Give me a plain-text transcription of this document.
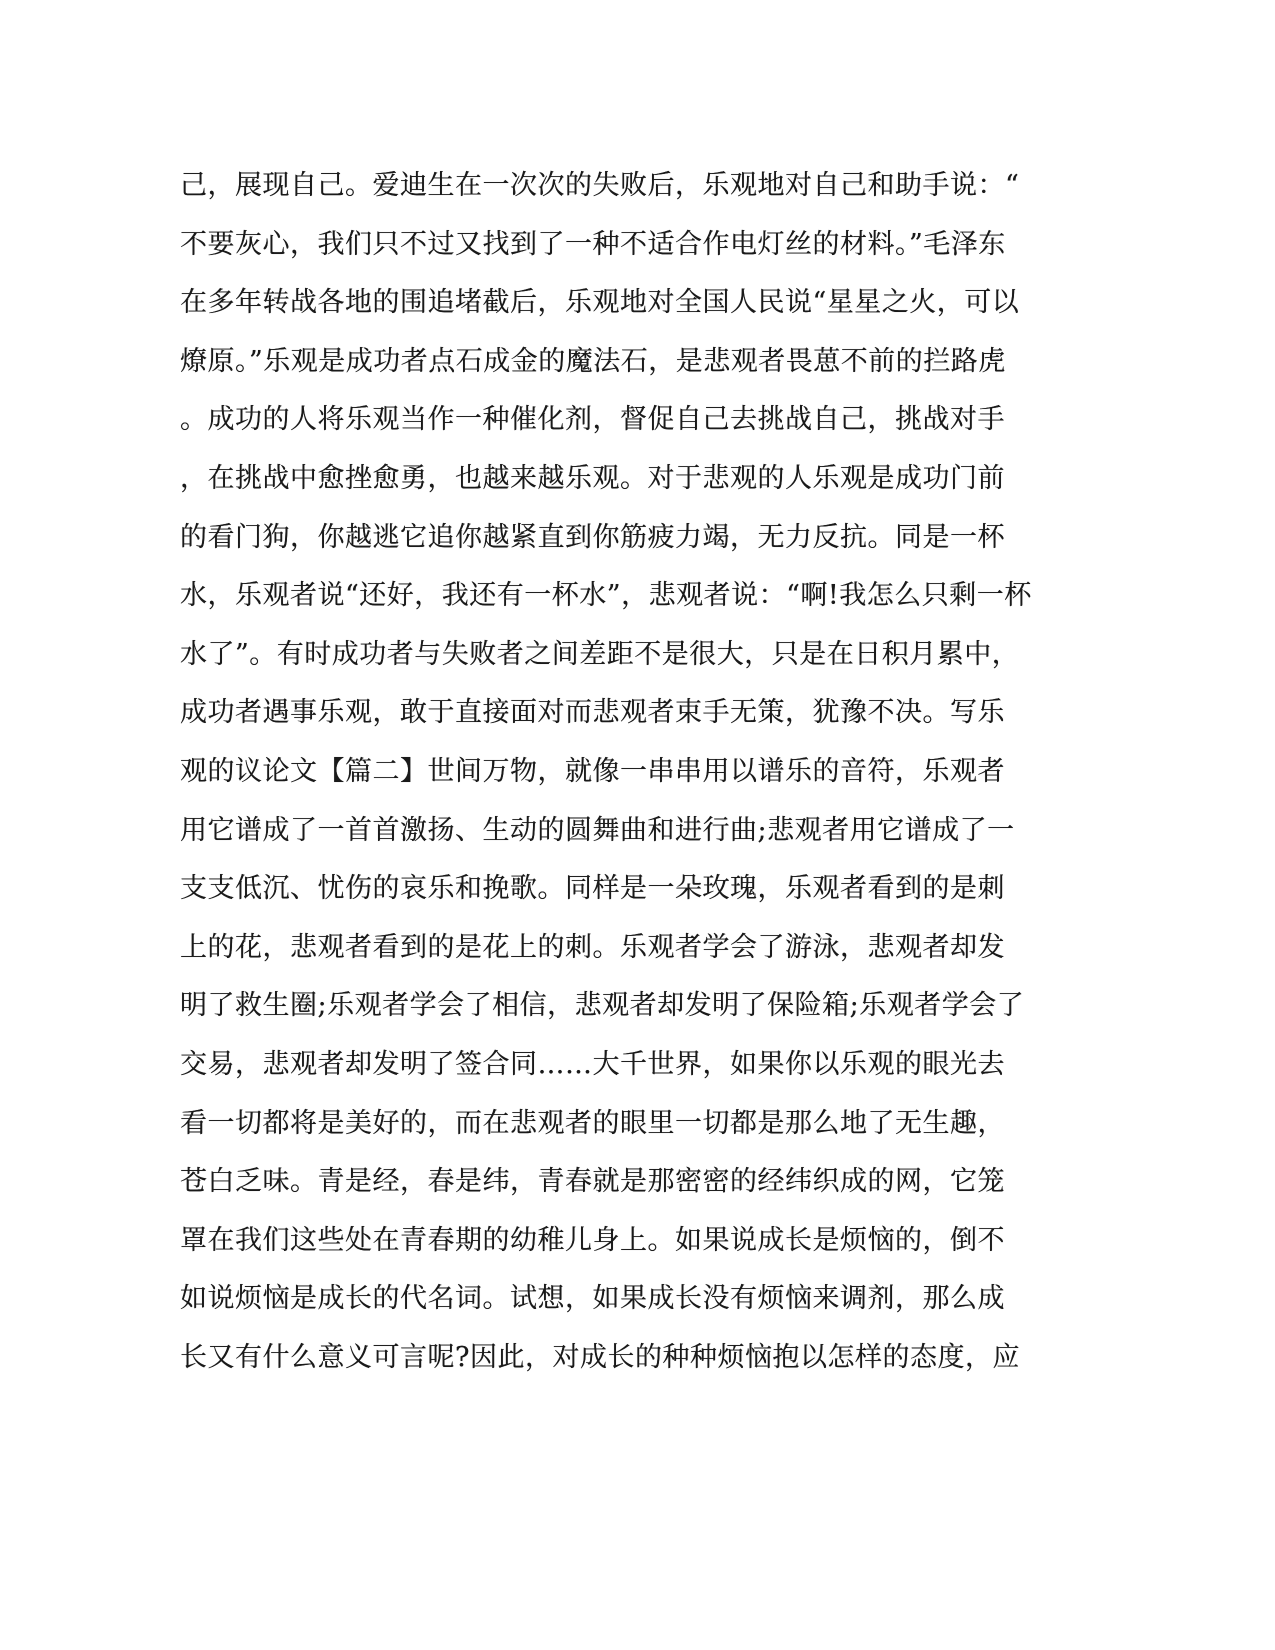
己，展现自己。爱迪生在一次次的失败后，乐观地对自己和助手说：“
不要灰心，我们只不过又找到了一种不适合作电灯丝的材料。”毛泽东
在多年转战各地的围追堵截后，乐观地对全国人民说“星星之火，可以
燎原。”乐观是成功者点石成金的魔法石，是悲观者畏葸不前的拦路虎
。成功的人将乐观当作一种催化剂，督促自己去挑战自己，挑战对手
，在挑战中愈挫愈勇，也越来越乐观。对于悲观的人乐观是成功门前
的看门狗，你越逃它追你越紧直到你筋疲力竭，无力反抗。同是一杯
水，乐观者说“还好，我还有一杯水”，悲观者说：“啊!我怎么只剩一杯
水了”。有时成功者与失败者之间差距不是很大，只是在日积月累中，
成功者遇事乐观，敢于直接面对而悲观者束手无策，犹豫不决。写乐
观的议论文【篇二】世间万物，就像一串串用以谱乐的音符，乐观者
用它谱成了一首首激扬、生动的圆舞曲和进行曲;悲观者用它谱成了一
支支低沉、忧伤的哀乐和挽歌。同样是一朵玫瑰，乐观者看到的是刺
上的花，悲观者看到的是花上的刺。乐观者学会了游泳，悲观者却发
明了救生圈;乐观者学会了相信，悲观者却发明了保险箱;乐观者学会了
交易，悲观者却发明了签合同……大千世界，如果你以乐观的眼光去
看一切都将是美好的，而在悲观者的眼里一切都是那么地了无生趣，
苍白乏味。青是经，春是纬，青春就是那密密的经纬织成的网，它笼
罩在我们这些处在青春期的幼稚儿身上。如果说成长是烦恼的，倒不
如说烦恼是成长的代名词。试想，如果成长没有烦恼来调剂，那么成
长又有什么意义可言呢?因此，对成长的种种烦恼抱以怎样的态度，应
